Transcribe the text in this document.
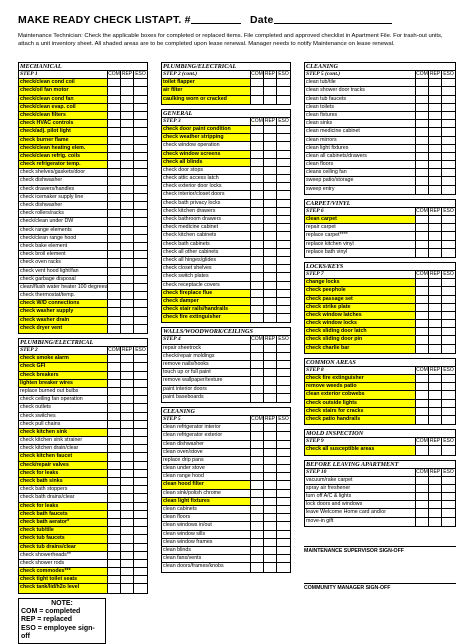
MAKE READY CHECK LIST APT. #	Date
Maintenance Technician: Check the applicable boxes for completed or replaced items. File completed and approved checklist in Apartment File. For trash-out units, attach a unit inventory sheet. All shaded areas are to be completed upon lease renewal. Manager needs to notify Maintenance on lease renewal.
MECHANICAL
STEP 1	COM REP ESO
check/clean cond coil
check/oil fan motor
check/clean cond fan
check/clean evap. coil
check/clean filters
check HVAC controls
check/adj. pilot light
check burner flame
check/clean heating elem.
check/clean refrig. coils
check refrigerator temp.
check shelves/gaskets/door
check dishwasher
check drawers/handles
check icemaker supply line
check dishwasher
check rollers/racks
check/clean under DW
check range elements
check/clean range hood
check bake element
check broil element
check oven racks
check vent hood light/fan
check garbage disposal
clean/flush water heater 100 degrees
check thermostat/temp.
check W/D connections
check washer supply
check washer drain
check dryer vent
PLUMBING/ELECTRICAL
STEP 2	COM REP ESO
check smoke alarm
check GFI
check breakers
lighten breaker wires
replace burned out bulbs
check ceiling fan operation
check outlets
check switches
check pull chains
check kitchen sink
check kitchen sink strainer
check kitchen drain/clear
check kitchen faucet
check/repair valves
check for leaks
check bath sinks
check bath stoppers
check bath drains/clear
check for leaks
check bath faucets
check bath aerator*
check tub/tile
check tub faucets
check tub drains/clear
check showerheads**
check shower rods
check commodes***
check tight toilet seats
check tank/lid/h2o level
NOTE:
COM = completed
REP = replaced
ESO = employee sign-off
PLUMBING/ELECTRICAL
STEP 2 (cont.)	COM REP ESO
toilet flapper
air filter
caulking worn or cracked
GENERAL
STEP 3	COM REP ESO
check door paint condition
check weather stripping
check window operation
check window screens
check all blinds
check door stops
check attic access latch
check exterior door locks
check interior/closet doors
check bath privacy locks
check kitchen drawers
check bathroom drawers
check medicine cabinet
check kitchen cabinets
check bath cabinets
check all other cabinets
check all hinges/glides
check closet shelves
check switch plates
check receptacle covers
check fireplace flue
check damper
check stair rails/handrails
check fire extinguisher
WALLS/WOODWORK/CEILINGS
STEP 4	COM REP ESO
repair sheetrock
check/repair moldings
remove nails/hooks
touch up or full paint
remove wallpaper/texture
paint interior doors
paint baseboards
CLEANING
STEP 5	COM REP ESO
clean refrigerator interior
clean refrigerator exterior
clean dishwasher
clean oven/stove
replace drip pans
clean under stove
clean range hood
clean hood filter
clean sink/polish chrome
clean light fixtures
clean cabinets
clean floors
clean windows in/out
clean window sills
clean window frames
clean blinds
clean fans/vents
clean doors/frames/knobs
CLEANING
STEP 5 (cont.)	COM REP ESO
clean tub/tile
clean shower door tracks
clean tub faucets
clean toilets
clean fixtures
clean sinks
clean medicine cabinet
clean mirrors
clean light fixtures
clean all cabinets/drawers
clean floors
cleans ceiling fan
sweep patio/storage
sweep entry
CARPET/VINYL
STEP 6	COM REP ESO
clean carpet
repair carpet
replace carpet****
replace kitchen vinyl
replace bath vinyl
LOCKS/KEYS
STEP 7	COM REP ESO
change locks
check peephole
check passage set
check strike plate
check window latches
check window locks
check sliding door latch
check sliding door pin
check charlie bar
COMMON AREAS
STEP 8	COM REP ESO
check fire extinguisher
remove weeds patio
clean exterior cobwebs
check outside lights
check stairs for cracks
check patio handrails
MOLD INSPECTION
STEP 9	COM REP ESO
check all susceptible areas
BEFORE LEAVING APARTMENT
STEP 10	COM REP ESO
vacuum/rake carpet
spray air freshener
turn off A/C & lights
lock doors and windows
leave Welcome Home card and/or
move-in gift
MAINTENANCE SUPERVISOR SIGN-OFF
COMMUNITY MANAGER SIGN-OFF
